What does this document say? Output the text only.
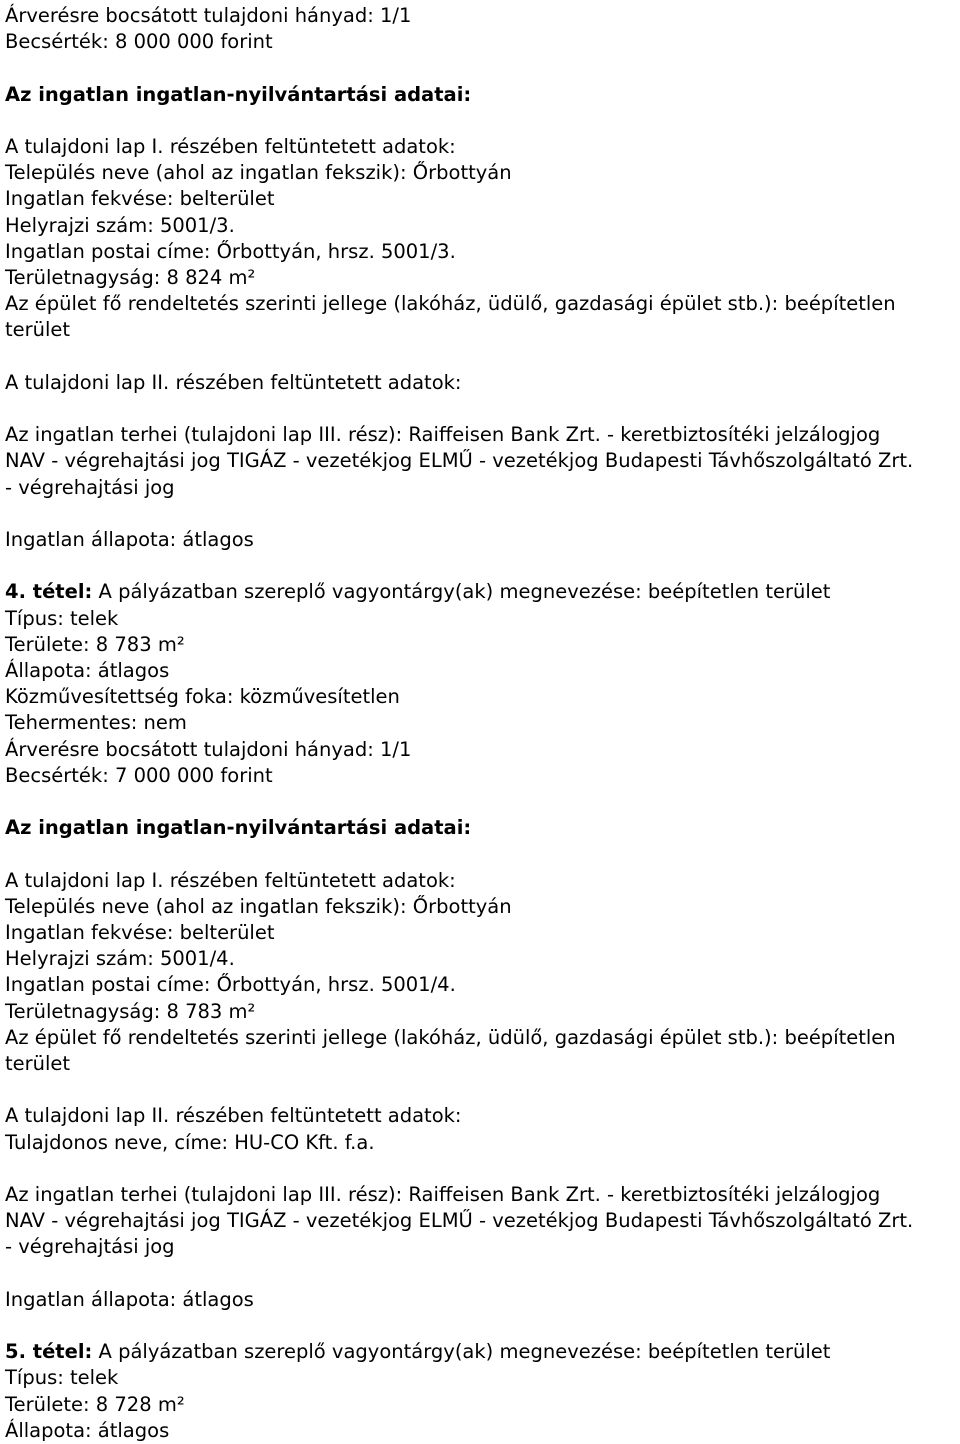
Árverésre bocsátott tulajdoni hányad: 1/1
Becsérték: 8 000 000 forint
Az ingatlan ingatlan-nyilvántartási adatai:
A tulajdoni lap I. részében feltüntetett adatok:
Település neve (ahol az ingatlan fekszik): Őrbottyán
Ingatlan fekvése: belterület
Helyrajzi szám: 5001/3.
Ingatlan postai címe: Őrbottyán, hrsz. 5001/3.
Területnagyság: 8 824 m²
Az épület fő rendeltetés szerinti jellege (lakóház, üdülő, gazdasági épület stb.): beépítetlen
terület
A tulajdoni lap II. részében feltüntetett adatok:
Az ingatlan terhei (tulajdoni lap III. rész): Raiffeisen Bank Zrt. - keretbiztosítéki jelzálogjog
NAV - végrehajtási jog TIGÁZ - vezetékjog ELMŰ - vezetékjog Budapesti Távhőszolgáltató Zrt.
- végrehajtási jog
Ingatlan állapota: átlagos
4. tétel: A pályázatban szereplő vagyontárgy(ak) megnevezése: beépítetlen terület
Típus: telek
Területe: 8 783 m²
Állapota: átlagos
Közművesítettség foka: közművesítetlen
Tehermentes: nem
Árverésre bocsátott tulajdoni hányad: 1/1
Becsérték: 7 000 000 forint
Az ingatlan ingatlan-nyilvántartási adatai:
A tulajdoni lap I. részében feltüntetett adatok:
Település neve (ahol az ingatlan fekszik): Őrbottyán
Ingatlan fekvése: belterület
Helyrajzi szám: 5001/4.
Ingatlan postai címe: Őrbottyán, hrsz. 5001/4.
Területnagyság: 8 783 m²
Az épület fő rendeltetés szerinti jellege (lakóház, üdülő, gazdasági épület stb.): beépítetlen
terület
A tulajdoni lap II. részében feltüntetett adatok:
Tulajdonos neve, címe: HU-CO Kft. f.a.
Az ingatlan terhei (tulajdoni lap III. rész): Raiffeisen Bank Zrt. - keretbiztosítéki jelzálogjog
NAV - végrehajtási jog TIGÁZ - vezetékjog ELMŰ - vezetékjog Budapesti Távhőszolgáltató Zrt.
- végrehajtási jog
Ingatlan állapota: átlagos
5. tétel: A pályázatban szereplő vagyontárgy(ak) megnevezése: beépítetlen terület
Típus: telek
Területe: 8 728 m²
Állapota: átlagos
